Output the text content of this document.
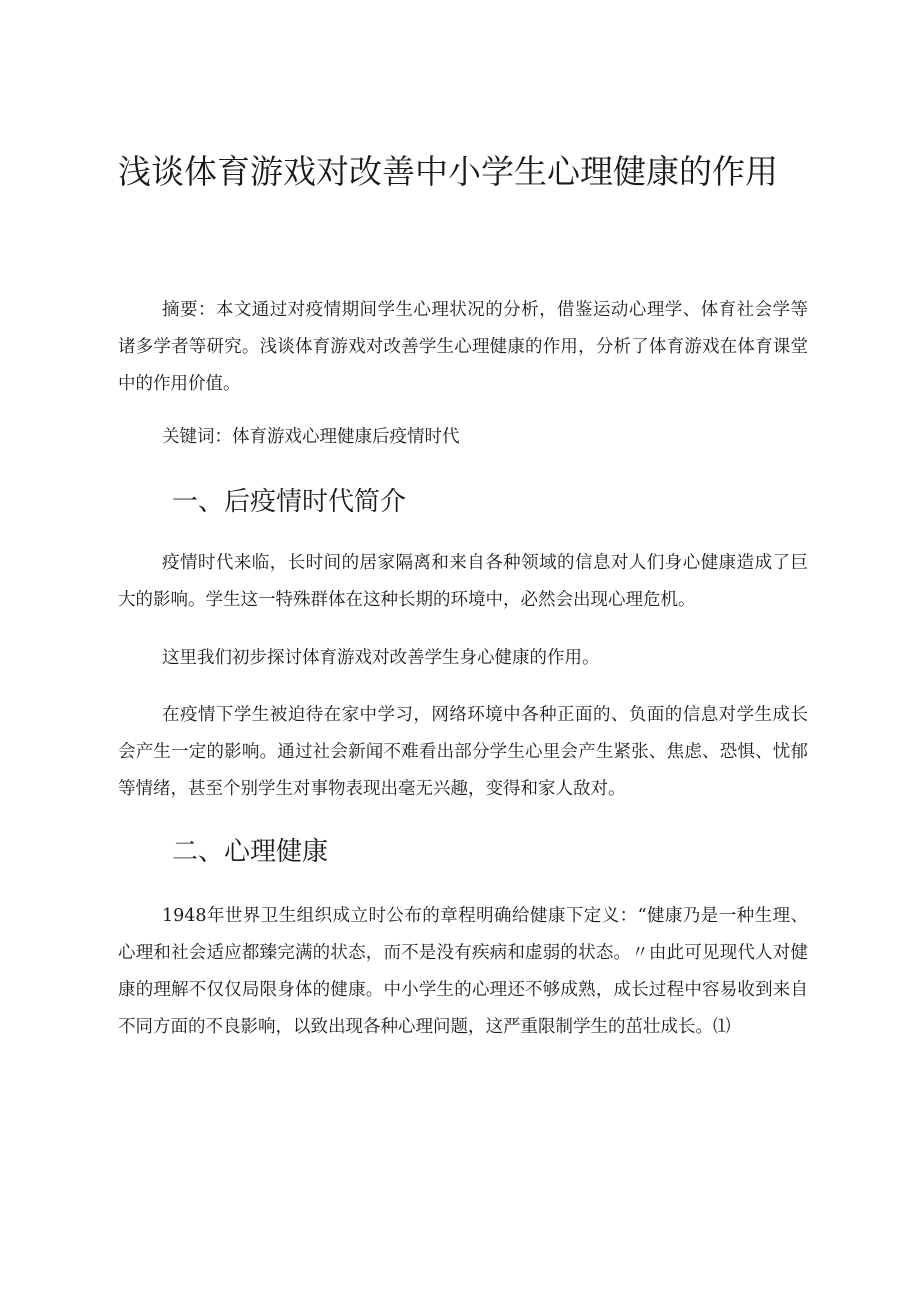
浅谈体育游戏对改善中小学生心理健康的作用

摘要：本文通过对疫情期间学生心理状况的分析，借鉴运动心理学、体育社会学等诸多学者等研究。浅谈体育游戏对改善学生心理健康的作用，分析了体育游戏在体育课堂中的作用价值。

关键词：体育游戏心理健康后疫情时代

一、后疫情时代简介

疫情时代来临，长时间的居家隔离和来自各种领域的信息对人们身心健康造成了巨大的影响。学生这一特殊群体在这种长期的环境中，必然会出现心理危机。

这里我们初步探讨体育游戏对改善学生身心健康的作用。

在疫情下学生被迫待在家中学习，网络环境中各种正面的、负面的信息对学生成长会产生一定的影响。通过社会新闻不难看出部分学生心里会产生紧张、焦虑、恐惧、忧郁等情绪，甚至个别学生对事物表现出毫无兴趣，变得和家人敌对。

二、心理健康

1948年世界卫生组织成立时公布的章程明确给健康下定义：“健康乃是一种生理、心理和社会适应都臻完满的状态，而不是没有疾病和虚弱的状态。〃由此可见现代人对健康的理解不仅仅局限身体的健康。中小学生的心理还不够成熟，成长过程中容易收到来自不同方面的不良影响，以致出现各种心理问题，这严重限制学生的茁壮成长。⑴
